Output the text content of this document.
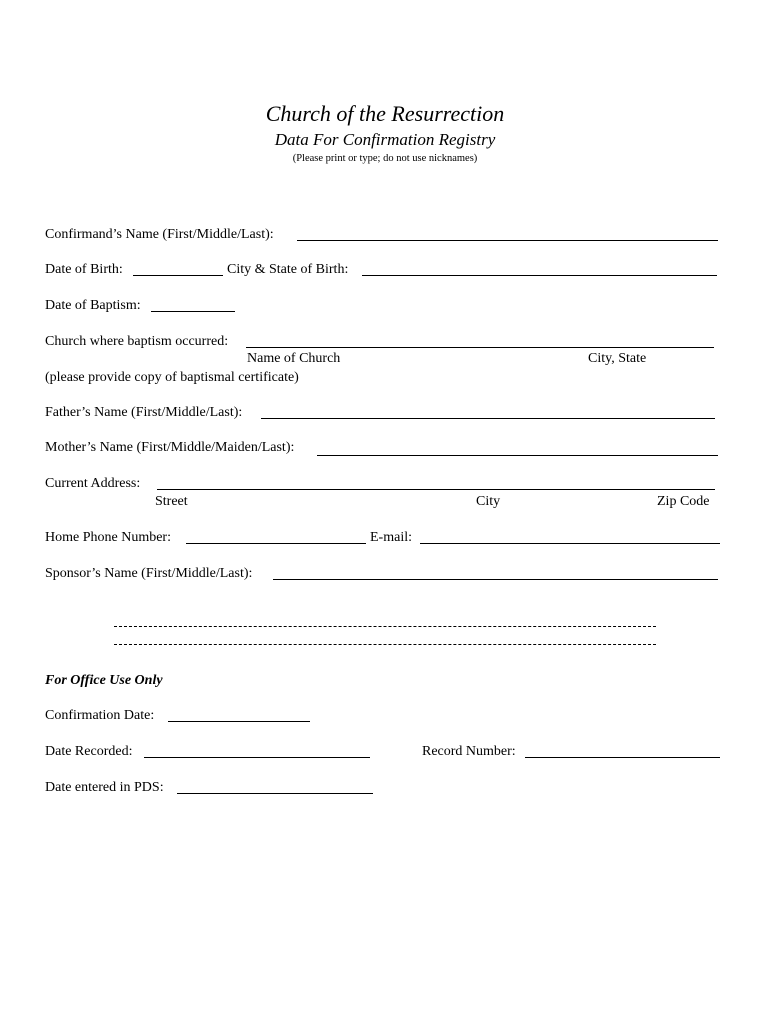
Church of the Resurrection
Data For Confirmation Registry
(Please print or type; do not use nicknames)
Confirmand’s Name (First/Middle/Last):
Date of Birth:	City & State of Birth:
Date of Baptism:
Church where baptism occurred:
Name of Church	City, State
(please provide copy of baptismal certificate)
Father’s Name (First/Middle/Last):
Mother’s Name (First/Middle/Maiden/Last):
Current Address:
Street	City	Zip Code
Home Phone Number:	E-mail:
Sponsor’s Name (First/Middle/Last):
For Office Use Only
Confirmation Date:
Date Recorded:	Record Number:
Date entered in PDS:
